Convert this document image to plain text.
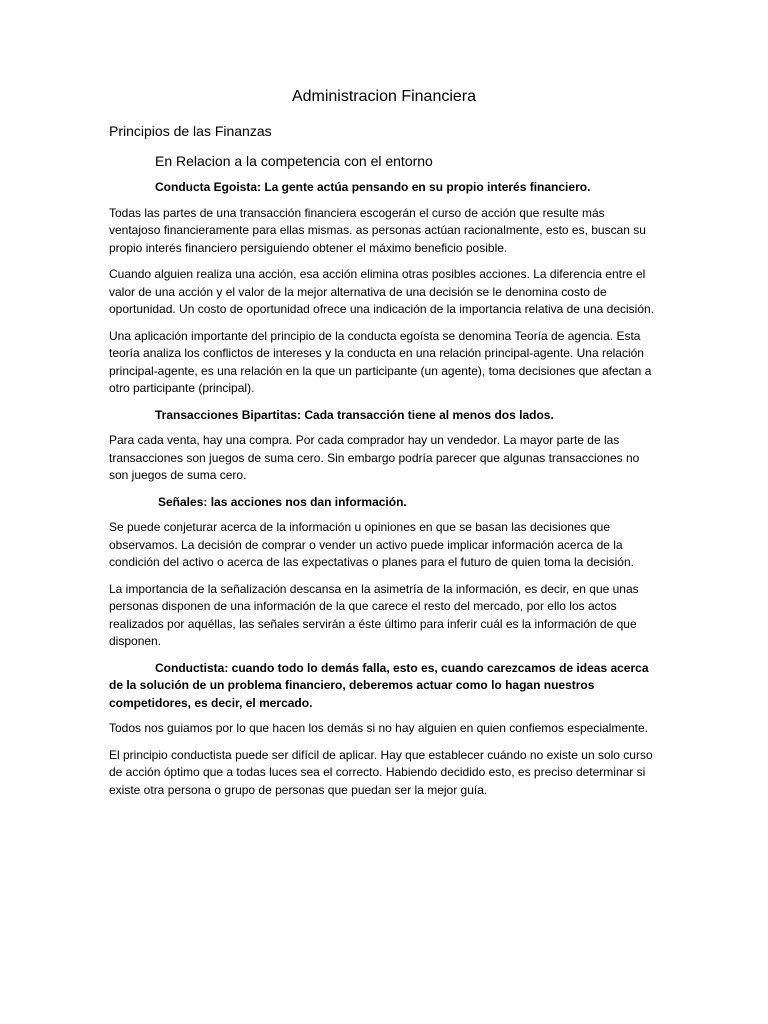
Administracion Financiera
Principios de las Finanzas
En Relacion a la competencia con el entorno
Conducta Egoista: La gente actúa pensando en su propio interés financiero.
Todas las partes de una transacción financiera escogerán el curso de acción que resulte más ventajoso financieramente para ellas mismas. as personas actúan racionalmente, esto es, buscan su propio interés financiero persiguiendo obtener el máximo beneficio posible.
Cuando alguien realiza una acción, esa acción elimina otras posibles acciones. La diferencia entre el valor de una acción y el valor de la mejor alternativa de una decisión se le denomina costo de oportunidad. Un costo de oportunidad ofrece una indicación de la importancia relativa de una decisión.
Una aplicación importante del principio de la conducta egoísta se denomina Teoría de agencia. Esta teoría analiza los conflictos de intereses y la conducta en una relación principal-agente. Una relación principal-agente, es una relación en la que un participante (un agente), toma decisiones que afectan a otro participante (principal).
Transacciones Bipartitas: Cada transacción tiene al menos dos lados.
Para cada venta, hay una compra. Por cada comprador hay un vendedor. La mayor parte de las transacciones son juegos de suma cero. Sin embargo podría parecer que algunas transacciones no son juegos de suma cero.
Señales: las acciones nos dan información.
Se puede conjeturar acerca de la información u opiniones en que se basan las decisiones que observamos. La decisión de comprar o vender un activo puede implicar información acerca de la condición del activo o acerca de las expectativas o planes para el futuro de quien toma la decisión.
La importancia de la señalización descansa en la asimetría de la información, es decir, en que unas personas disponen de una información de la que carece el resto del mercado, por ello los actos realizados por aquéllas, las señales servirán a éste último para inferir cuál es la información de que disponen.
Conductista: cuando todo lo demás falla, esto es, cuando carezcamos de ideas acerca de la solución de un problema financiero, deberemos actuar como lo hagan nuestros competidores, es decir, el mercado.
Todos nos guiamos por lo que hacen los demás si no hay alguien en quien confiemos especialmente.
El principio conductista puede ser difícil de aplicar. Hay que establecer cuándo no existe un solo curso de acción óptimo que a todas luces sea el correcto. Habiendo decidido esto, es preciso determinar si existe otra persona o grupo de personas que puedan ser la mejor guía.
